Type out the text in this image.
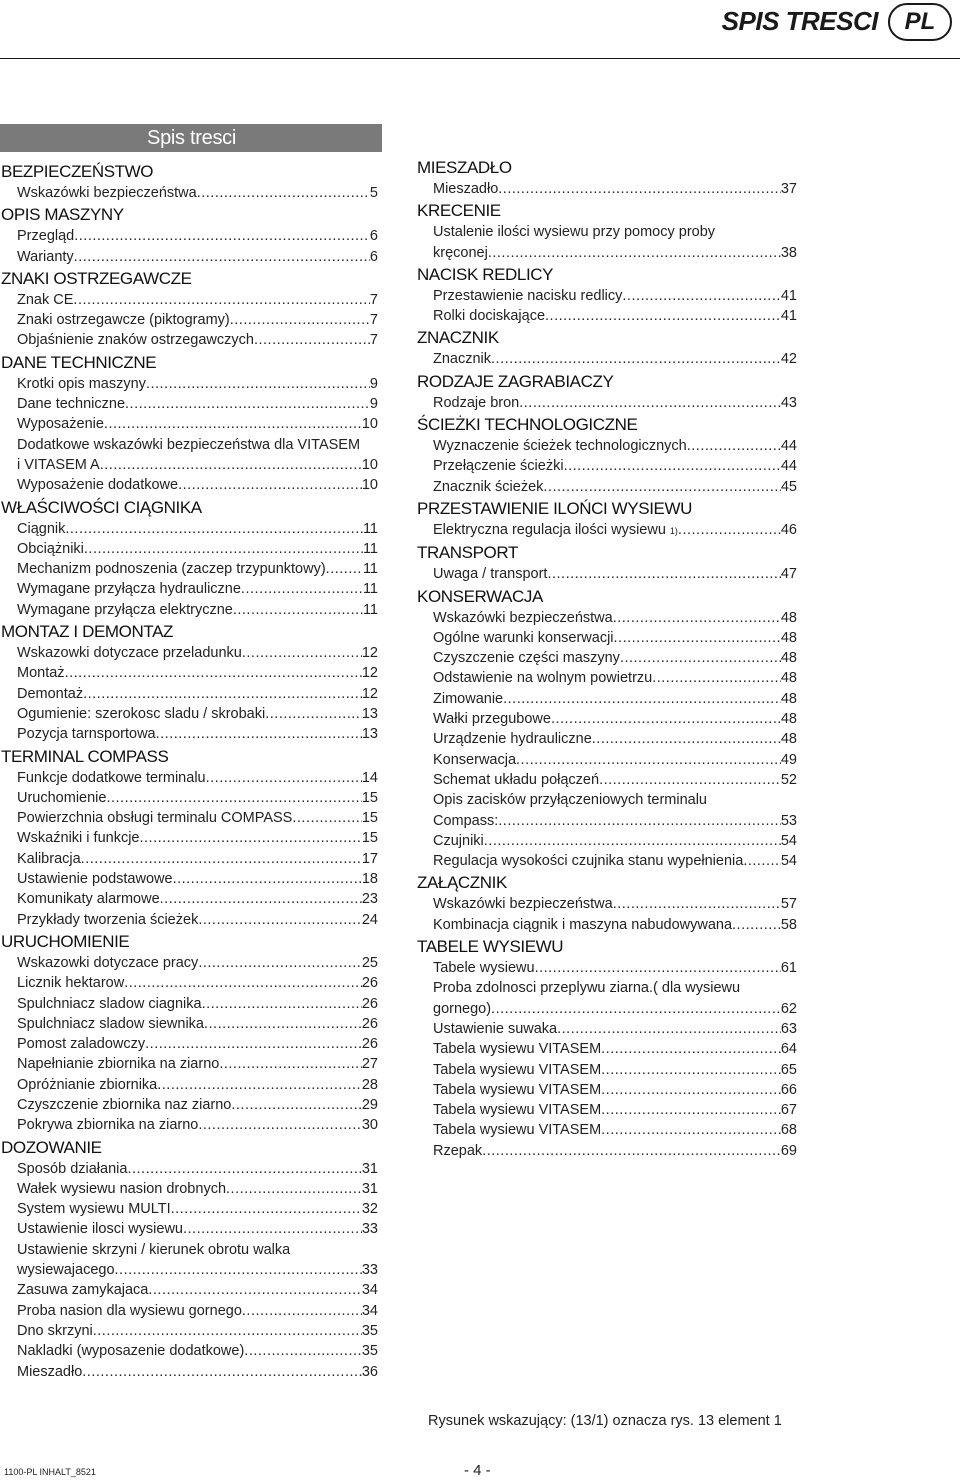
SPIS TRESCI	PL
Spis tresci
BEZPIECZEŃSTWO
Wskazówki bezpieczeństwa .....	5
OPIS MASZYNY
Przegląd .....	6
Warianty .....	6
ZNAKI OSTRZEGAWCZE
Znak CE .....	7
Znaki ostrzegawcze (piktogramy) .....	7
Objaśnienie znaków ostrzegawczych .....	7
DANE TECHNICZNE
Krotki opis maszyny .....	9
Dane techniczne .....	9
Wyposażenie .....	10
Dodatkowe wskazówki bezpieczeństwa dla VITASEM
i VITASEM A .....	10
Wyposażenie dodatkowe .....	10
WŁAŚCIWOŚCI CIĄGNIKA
Ciągnik .....	11
Obciążniki .....	11
Mechanizm podnoszenia (zaczep trzypunktowy) .....	11
Wymagane przyłącza hydrauliczne .....	11
Wymagane przyłącza elektryczne .....	11
MONTAZ I DEMONTAZ
Wskazowki dotyczace przeladunku .....	12
Montaż .....	12
Demontaż .....	12
Ogumienie: szerokosc sladu / skrobaki .....	13
Pozycja tarnsportowa .....	13
TERMINAL COMPASS
Funkcje dodatkowe terminalu .....	14
Uruchomienie .....	15
Powierzchnia obsługi terminalu COMPASS .....	15
Wskaźniki i funkcje .....	15
Kalibracja .....	17
Ustawienie podstawowe .....	18
Komunikaty alarmowe .....	23
Przykłady tworzenia ścieżek .....	24
URUCHOMIENIE
Wskazowki dotyczace pracy .....	25
Licznik hektarow .....	26
Spulchniacz sladow ciagnika .....	26
Spulchniacz sladow siewnika .....	26
Pomost zaladowczy .....	26
Napełnianie zbiornika na ziarno .....	27
Opróżnianie zbiornika .....	28
Czyszczenie zbiornika naz ziarno .....	29
Pokrywa zbiornika na ziarno .....	30
DOZOWANIE
Sposób działania .....	31
Wałek wysiewu nasion drobnych .....	31
System wysiewu MULTI .....	32
Ustawienie ilosci wysiewu .....	33
Ustawienie skrzyni / kierunek obrotu walka
wysiewajacego .....	33
Zasuwa zamykajaca .....	34
Proba nasion dla wysiewu gornego .....	34
Dno skrzyni .....	35
Nakladki (wyposazenie dodatkowe) .....	35
Mieszadło .....	36
MIESZADŁO
Mieszadło .....	37
KRECENIE
Ustalenie ilości wysiewu przy pomocy proby
kręconej .....	38
NACISK REDLICY
Przestawienie nacisku redlicy .....	41
Rolki dociskające .....	41
ZNACZNIK
Znacznik .....	42
RODZAJE ZAGRABIACZY
Rodzaje bron .....	43
ŚCIEŻKI TECHNOLOGICZNE
Wyznaczenie ścieżek technologicznych .....	44
Przełączenie ścieżki .....	44
Znacznik ścieżek .....	45
PRZESTAWIENIE ILOŃCI WYSIEWU
Elektryczna regulacja ilości wysiewu 1) .....	46
TRANSPORT
Uwaga / transport .....	47
KONSERWACJA
Wskazówki bezpieczeństwa .....	48
Ogólne warunki konserwacji .....	48
Czyszczenie części maszyny .....	48
Odstawienie na wolnym powietrzu .....	48
Zimowanie .....	48
Wałki przegubowe .....	48
Urządzenie hydrauliczne .....	48
Konserwacja .....	49
Schemat układu połączeń .....	52
Opis zacisków przyłączeniowych terminalu
Compass: .....	53
Czujniki .....	54
Regulacja wysokości czujnika stanu wypełnienia .....	54
ZAŁĄCZNIK
Wskazówki bezpieczeństwa .....	57
Kombinacja ciągnik i maszyna nabudowywana .....	58
TABELE WYSIEWU
Tabele wysiewu .....	61
Proba zdolnosci przeplywu ziarna.( dla wysiewu
gornego) .....	62
Ustawienie suwaka .....	63
Tabela wysiewu VITASEM .....	64
Tabela wysiewu VITASEM .....	65
Tabela wysiewu VITASEM .....	66
Tabela wysiewu VITASEM .....	67
Tabela wysiewu VITASEM .....	68
Rzepak .....	69
Rysunek wskazujący: (13/1) oznacza rys. 13 element 1
1100-PL INHALT_8521	- 4 -
